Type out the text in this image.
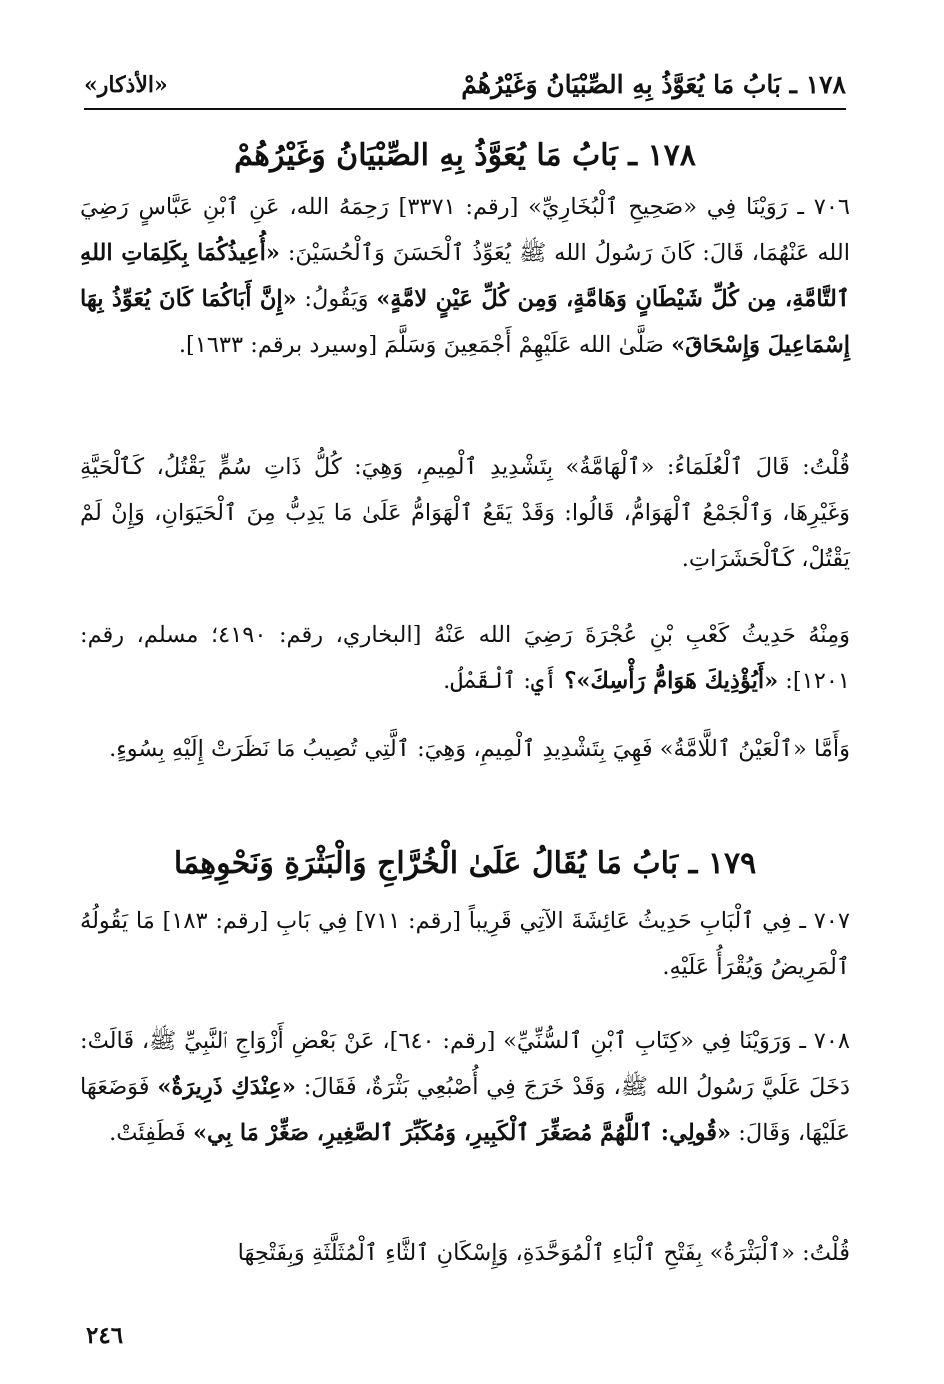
١٧٨ ـ بَابُ مَا يُعَوَّذُ بِهِ الصِّبْيَانُ وَغَيْرُهُمْ
«الأذكار»
١٧٨ ـ بَابُ مَا يُعَوَّذُ بِهِ الصِّبْيَانُ وَغَيْرُهُمْ
٧٠٦ ـ رَوَيْنَا فِي «صَحِيحِ ٱلْبُخَارِيِّ» [رقم: ٣٣٧١] رَحِمَهُ الله، عَنِ ٱبْنِ عَبَّاسٍ رَضِيَ الله عَنْهُمَا، قَالَ: كَانَ رَسُولُ الله ﷺ يُعَوِّذُ ٱلْحَسَنَ وَٱلْحُسَيْنَ: «أُعِيذُكُمَا بِكَلِمَاتِ اللهِ ٱلتَّامَّةِ، مِن كُلِّ شَيْطَانٍ وَهَامَّةٍ، وَمِن كُلِّ عَيْنٍ لامَّةٍ» وَيَقُولُ: «إِنَّ أَبَاكُمَا كَانَ يُعَوِّذُ بِهَا إِسْمَاعِيلَ وَإِسْحَاقَ» صَلَّىٰ الله عَلَيْهِمْ أَجْمَعِينَ وَسَلَّمَ [وسيرد برقم: ١٦٣٣].
قُلْتُ: قَالَ ٱلْعُلَمَاءُ: «ٱلْهَامَّةُ» بِتَشْدِيدِ ٱلْمِيمِ، وَهِيَ: كُلُّ ذَاتِ سُمٍّ يَقْتُلُ، كَٱلْحَيَّةِ وَغَيْرِهَا، وَٱلْجَمْعُ ٱلْهَوَامُّ، قَالُوا: وَقَدْ يَقَعُ ٱلْهَوَامُّ عَلَىٰ مَا يَدِبُّ مِنَ ٱلْحَيَوَانِ، وَإِنْ لَمْ يَقْتُلْ، كَٱلْحَشَرَاتِ.
وَمِنْهُ حَدِيثُ كَعْبِ بْنِ عُجْرَةَ رَضِيَ الله عَنْهُ [البخاري، رقم: ٤١٩٠؛ مسلم، رقم: ١٢٠١]: «أَيُؤْذِيكَ هَوَامُّ رَأْسِكَ»؟ أَيِ: ٱلْقَمْلُ.
وَأَمَّا «ٱلْعَيْنُ ٱللَّامَّةُ» فَهِيَ بِتَشْدِيدِ ٱلْمِيمِ، وَهِيَ: ٱلَّتِي تُصِيبُ مَا نَظَرَتْ إِلَيْهِ بِسُوءٍ.
١٧٩ ـ بَابُ مَا يُقَالُ عَلَىٰ الْخُرَّاجِ وَالْبَثْرَةِ وَنَحْوِهِمَا
٧٠٧ ـ فِي ٱلْبَابِ حَدِيثُ عَائِشَةَ الآتِي قَرِيباً [رقم: ٧١١] فِي بَابِ [رقم: ١٨٣] مَا يَقُولُهُ ٱلْمَرِيضُ وَيُقْرَأُ عَلَيْهِ.
٧٠٨ ـ وَرَوَيْنَا فِي «كِتَابِ ٱبْنِ ٱلسُّنِّيِّ» [رقم: ٦٤٠]، عَنْ بَعْضِ أَزْوَاجِ ٱلنَّبِيِّ ﷺ، قَالَتْ: دَخَلَ عَلَيَّ رَسُولُ الله ﷺ، وَقَدْ خَرَجَ فِي أُصْبُعِي بَثْرَةٌ، فَقَالَ: «عِنْدَكِ ذَرِيرَةٌ» فَوَضَعَهَا عَلَيْهَا، وَقَالَ: «قُولِي: ٱللَّهُمَّ مُصَغِّرَ ٱلْكَبِيرِ، وَمُكَبِّرَ ٱلصَّغِيرِ، صَغِّرْ مَا بِي» فَطَفِئَتْ.
قُلْتُ: «ٱلْبَثْرَةُ» بِفَتْحِ ٱلْبَاءِ ٱلْمُوَحَّدَةِ، وَإِسْكَانِ ٱلثَّاءِ ٱلْمُثَلَّثَةِ وَبِفَتْحِهَا
٢٤٦
